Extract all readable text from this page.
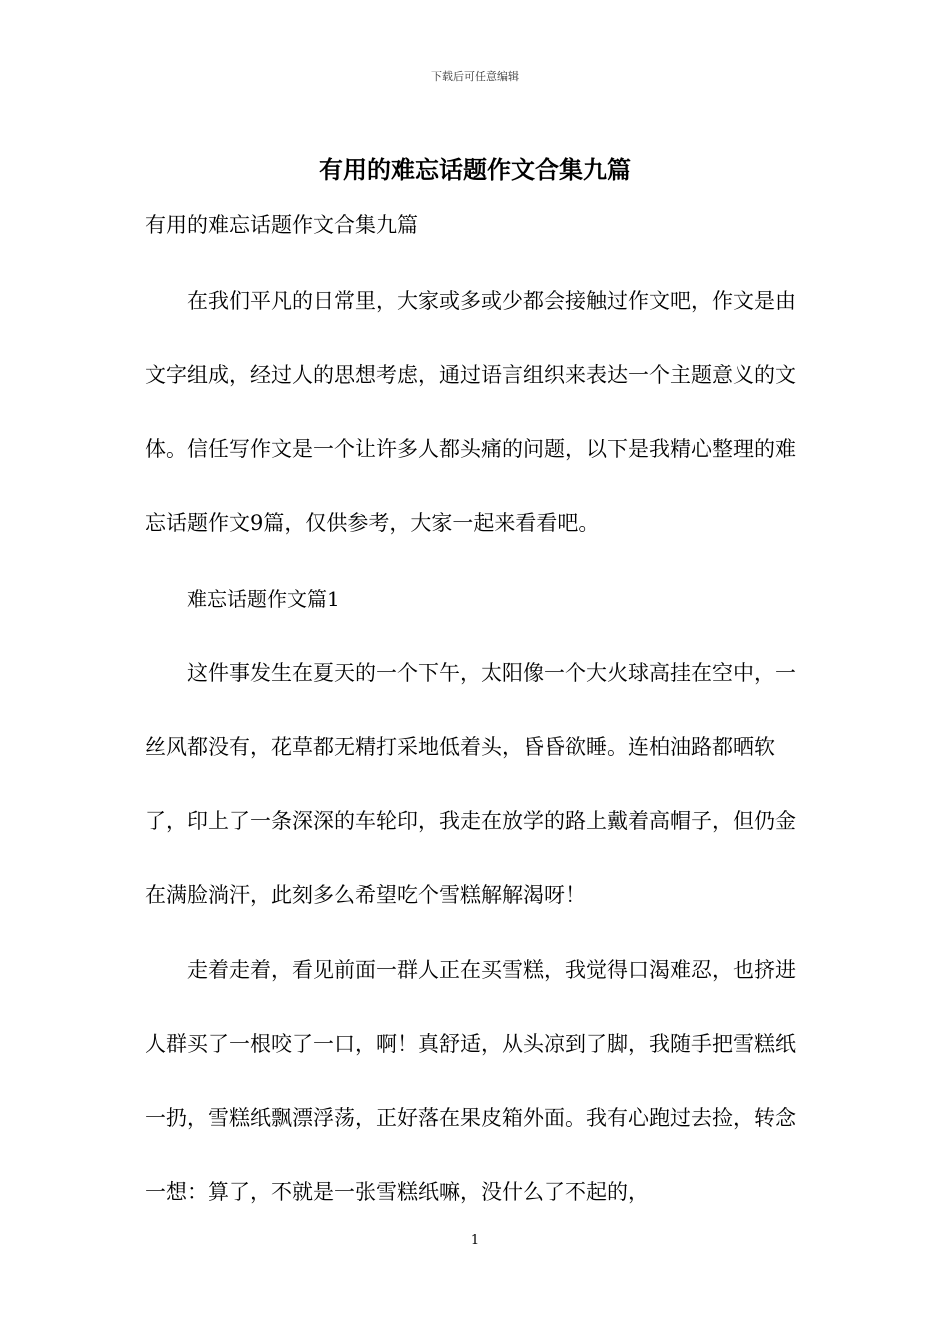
下载后可任意编辑
有用的难忘话题作文合集九篇
有用的难忘话题作文合集九篇

在我们平凡的日常里，大家或多或少都会接触过作文吧，作文是由文字组成，经过人的思想考虑，通过语言组织来表达一个主题意义的文体。信任写作文是一个让许多人都头痛的问题，以下是我精心整理的难忘话题作文9篇，仅供参考，大家一起来看看吧。

难忘话题作文篇1

这件事发生在夏天的一个下午，太阳像一个大火球高挂在空中，一丝风都没有，花草都无精打采地低着头，昏昏欲睡。连柏油路都晒软了，印上了一条深深的车轮印，我走在放学的路上戴着高帽子，但仍金在满脸淌汗，此刻多么希望吃个雪糕解解渴呀！

走着走着，看见前面一群人正在买雪糕，我觉得口渴难忍，也挤进人群买了一根咬了一口，啊！真舒适，从头凉到了脚，我随手把雪糕纸一扔，雪糕纸飘漂浮荡，正好落在果皮箱外面。我有心跑过去捡，转念一想：算了，不就是一张雪糕纸嘛，没什么了不起的，

1
